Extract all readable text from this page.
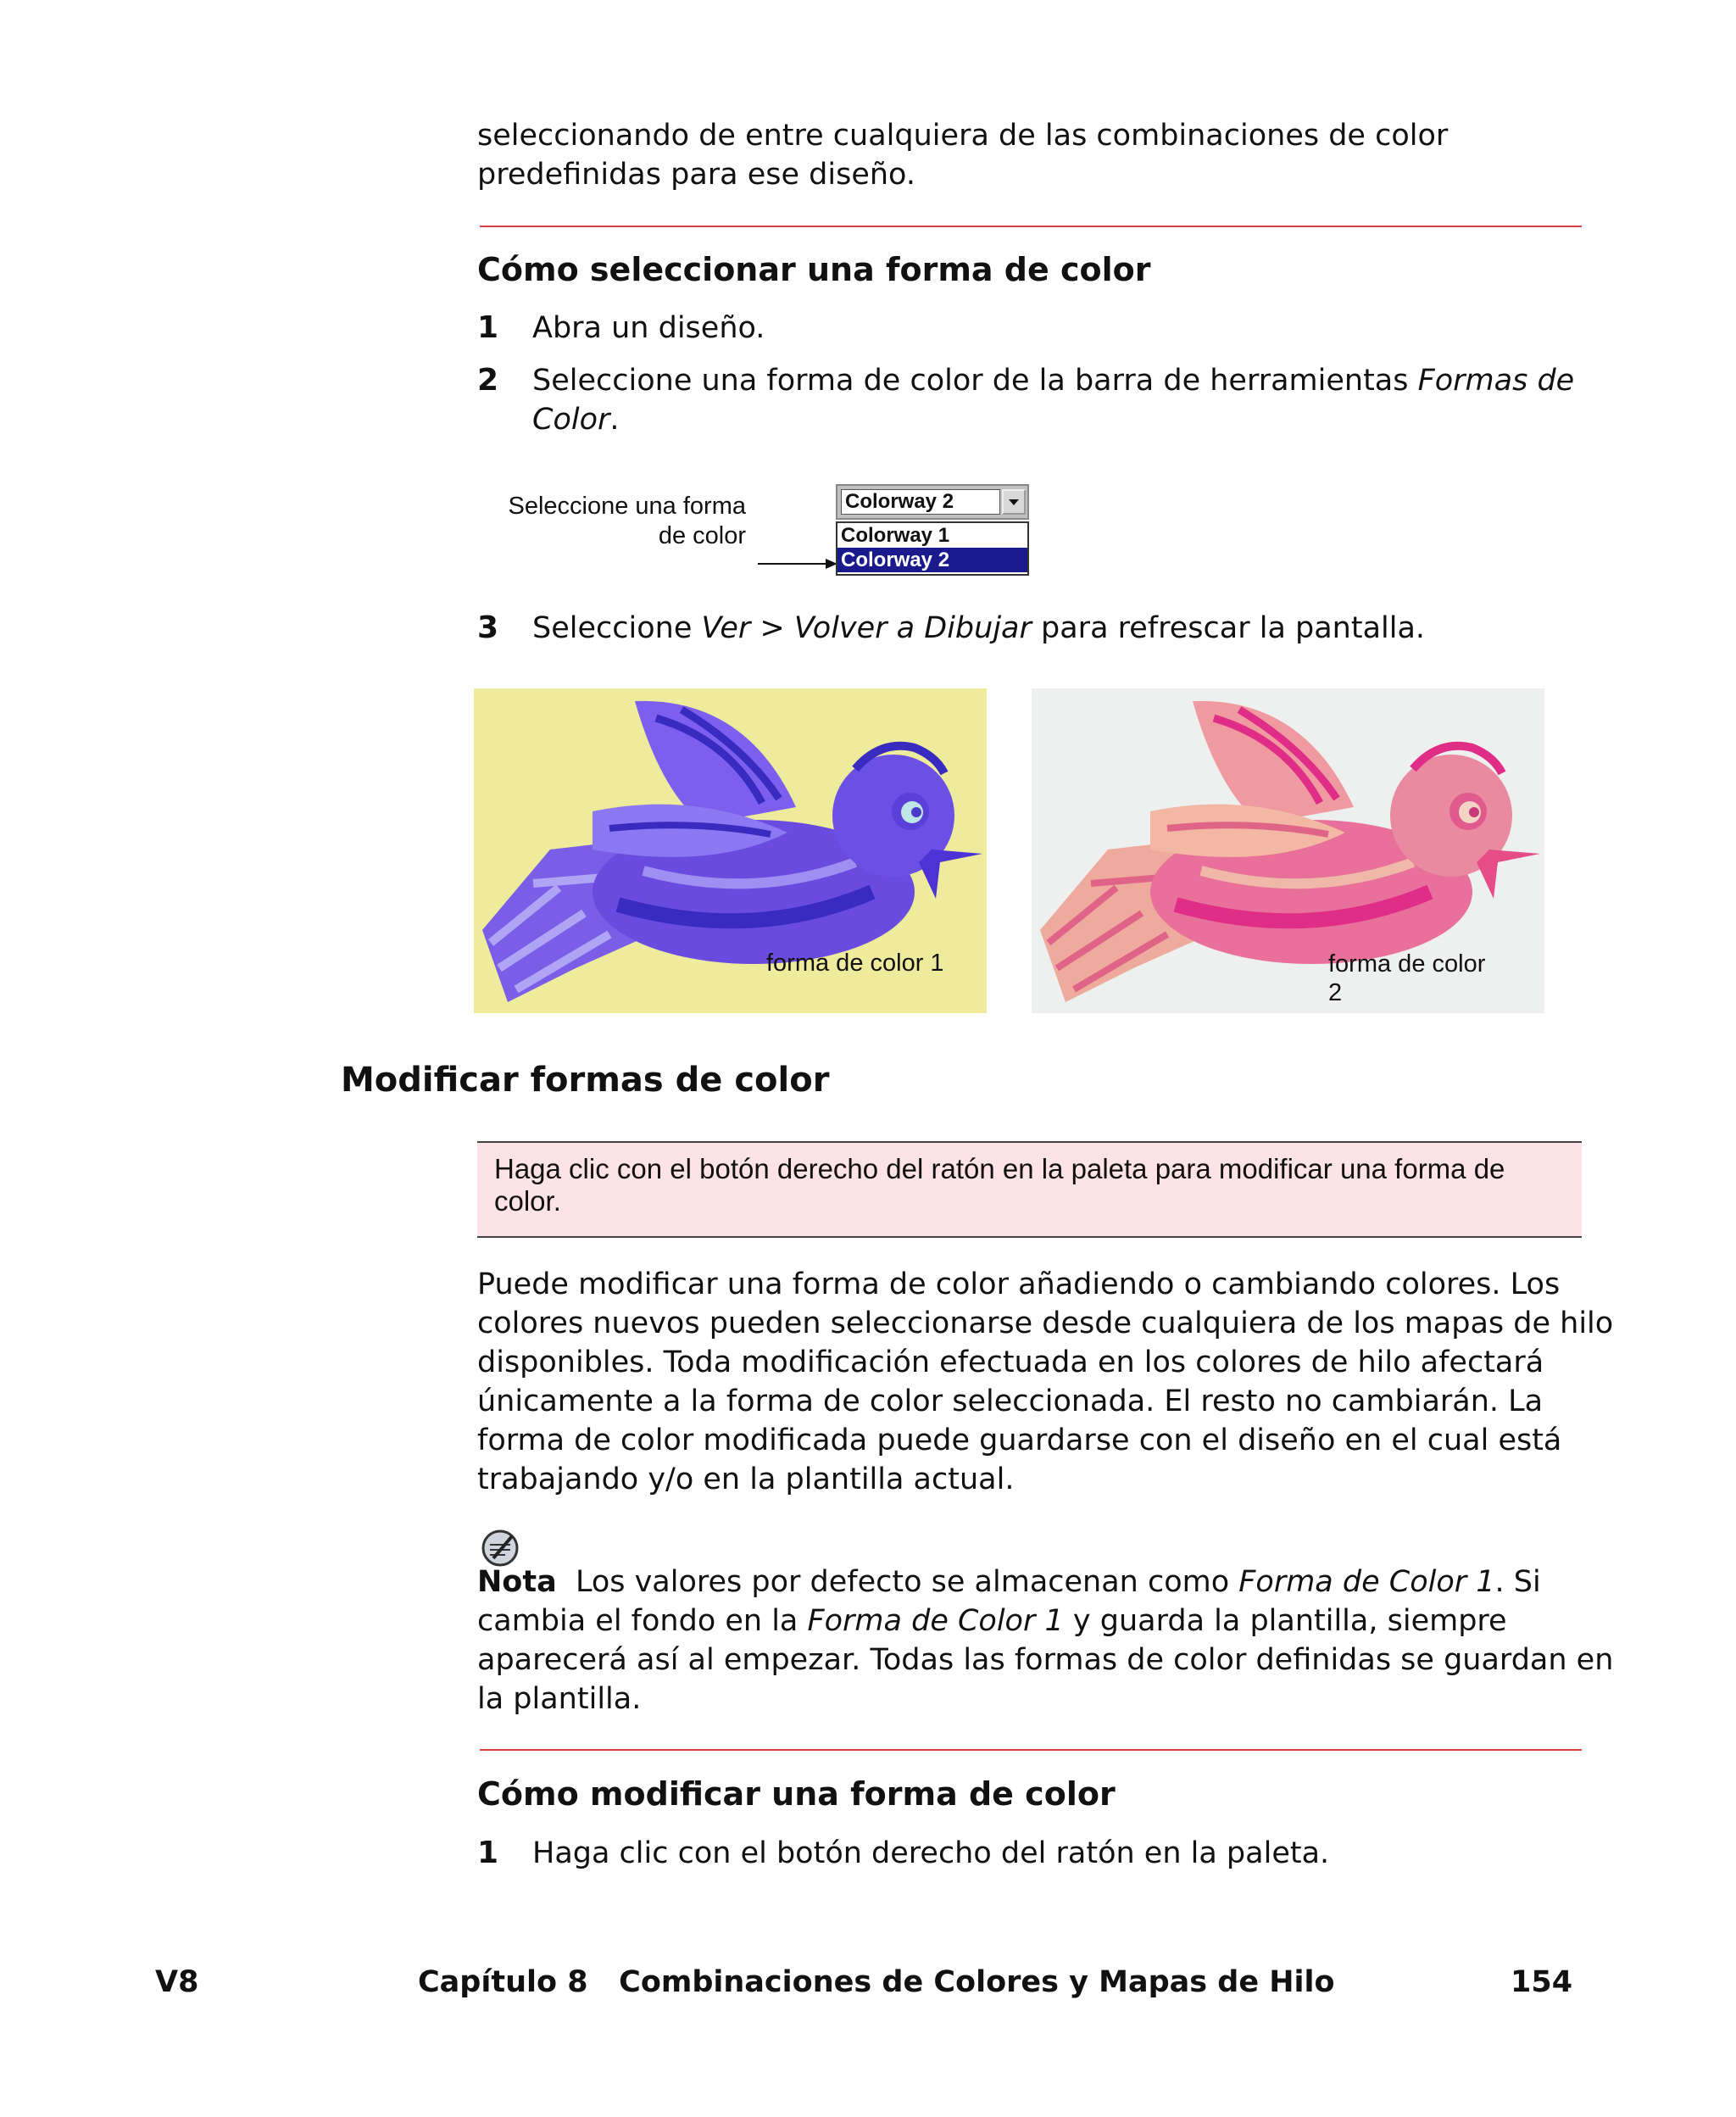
seleccionando de entre cualquiera de las combinaciones de color
predefinidas para ese diseño.
Cómo seleccionar una forma de color
1 Abra un diseño.
2 Seleccione una forma de color de la barra de herramientas Formas de
Color.
Seleccione una forma
de color
Colorway 2
Colorway 1
Colorway 2
3 Seleccione Ver > Volver a Dibujar para refrescar la pantalla.
forma de color 1	forma de color
2
Modificar formas de color
Haga clic con el botón derecho del ratón en la paleta para modificar una forma de color.
Puede modificar una forma de color añadiendo o cambiando colores. Los
colores nuevos pueden seleccionarse desde cualquiera de los mapas de hilo
disponibles. Toda modificación efectuada en los colores de hilo afectará
únicamente a la forma de color seleccionada. El resto no cambiarán. La
forma de color modificada puede guardarse con el diseño en el cual está
trabajando y/o en la plantilla actual.
Nota  Los valores por defecto se almacenan como Forma de Color 1. Si
cambia el fondo en la Forma de Color 1 y guarda la plantilla, siempre
aparecerá así al empezar. Todas las formas de color definidas se guardan en
la plantilla.
Cómo modificar una forma de color
1 Haga clic con el botón derecho del ratón en la paleta.
V8	Capítulo 8   Combinaciones de Colores y Mapas de Hilo	154
